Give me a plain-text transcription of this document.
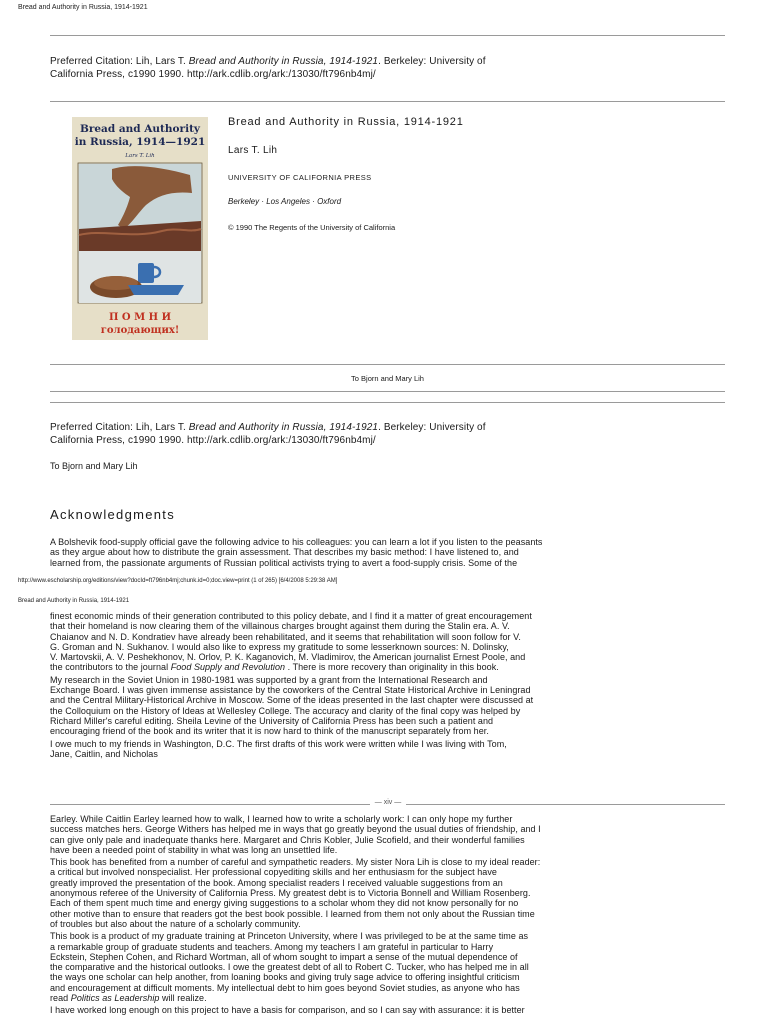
Bread and Authority in Russia, 1914-1921
Preferred Citation: Lih, Lars T. Bread and Authority in Russia, 1914-1921. Berkeley: University of
California Press, c1990 1990. http://ark.cdlib.org/ark:/13030/ft796nb4mj/
Bread and Authority
in Russia, 1914—1921
Lars T. Lih
П О М Н И
голодающих!
Bread and Authority in Russia, 1914-1921
Lars T. Lih
UNIVERSITY OF CALIFORNIA PRESS
Berkeley · Los Angeles · Oxford
© 1990 The Regents of the University of California
To Bjorn and Mary Lih
Preferred Citation: Lih, Lars T. Bread and Authority in Russia, 1914-1921. Berkeley: University of
California Press, c1990 1990. http://ark.cdlib.org/ark:/13030/ft796nb4mj/
To Bjorn and Mary Lih
Acknowledgments
A Bolshevik food-supply official gave the following advice to his colleagues: you can learn a lot if you listen to the peasants
as they argue about how to distribute the grain assessment. That describes my basic method: I have listened to, and
learned from, the passionate arguments of Russian political activists trying to avert a food-supply crisis. Some of the
http://www.escholarship.org/editions/view?docId=ft796nb4mj;chunk.id=0;doc.view=print (1 of 265) [6/4/2008 5:29:38 AM]
Bread and Authority in Russia, 1914-1921
finest economic minds of their generation contributed to this policy debate, and I find it a matter of great encouragement
that their homeland is now clearing them of the villainous charges brought against them during the Stalin era. A. V.
Chaianov and N. D. Kondratiev have already been rehabilitated, and it seems that rehabilitation will soon follow for V.
G. Groman and N. Sukhanov. I would also like to express my gratitude to some lesserknown sources: N. Dolinsky,
V. Martovskii, A. V. Peshekhonov, N. Orlov, P. K. Kaganovich, M. Vladimirov, the American journalist Ernest Poole, and
the contributors to the journal Food Supply and Revolution . There is more recovery than originality in this book.
My research in the Soviet Union in 1980-1981 was supported by a grant from the International Research and
Exchange Board. I was given immense assistance by the coworkers of the Central State Historical Archive in Leningrad
and the Central Military-Historical Archive in Moscow. Some of the ideas presented in the last chapter were discussed at
the Colloquium on the History of Ideas at Wellesley College. The accuracy and clarity of the final copy was helped by
Richard Miller's careful editing. Sheila Levine of the University of California Press has been such a patient and
encouraging friend of the book and its writer that it is now hard to think of the manuscript separately from her.
I owe much to my friends in Washington, D.C. The first drafts of this work were written while I was living with Tom,
Jane, Caitlin, and Nicholas
— xiv —
Earley. While Caitlin Earley learned how to walk, I learned how to write a scholarly work: I can only hope my further
success matches hers. George Withers has helped me in ways that go greatly beyond the usual duties of friendship, and I
can give only pale and inadequate thanks here. Margaret and Chris Kobler, Julie Scofield, and their wonderful families
have been a needed point of stability in what was long an unsettled life.
This book has benefited from a number of careful and sympathetic readers. My sister Nora Lih is close to my ideal reader:
a critical but involved nonspecialist. Her professional copyediting skills and her enthusiasm for the subject have
greatly improved the presentation of the book. Among specialist readers I received valuable suggestions from an
anonymous referee of the University of California Press. My greatest debt is to Victoria Bonnell and William Rosenberg.
Each of them spent much time and energy giving suggestions to a scholar whom they did not know personally for no
other motive than to ensure that readers got the best book possible. I learned from them not only about the Russian time
of troubles but also about the nature of a scholarly community.
This book is a product of my graduate training at Princeton University, where I was privileged to be at the same time as
a remarkable group of graduate students and teachers. Among my teachers I am grateful in particular to Harry
Eckstein, Stephen Cohen, and Richard Wortman, all of whom sought to impart a sense of the mutual dependence of
the comparative and the historical outlooks. I owe the greatest debt of all to Robert C. Tucker, who has helped me in all
the ways one scholar can help another, from loaning books and giving truly sage advice to offering insightful criticism
and encouragement at difficult moments. My intellectual debt to him goes beyond Soviet studies, as anyone who has
read Politics as Leadership will realize.
I have worked long enough on this project to have a basis for comparison, and so I can say with assurance: it is better
